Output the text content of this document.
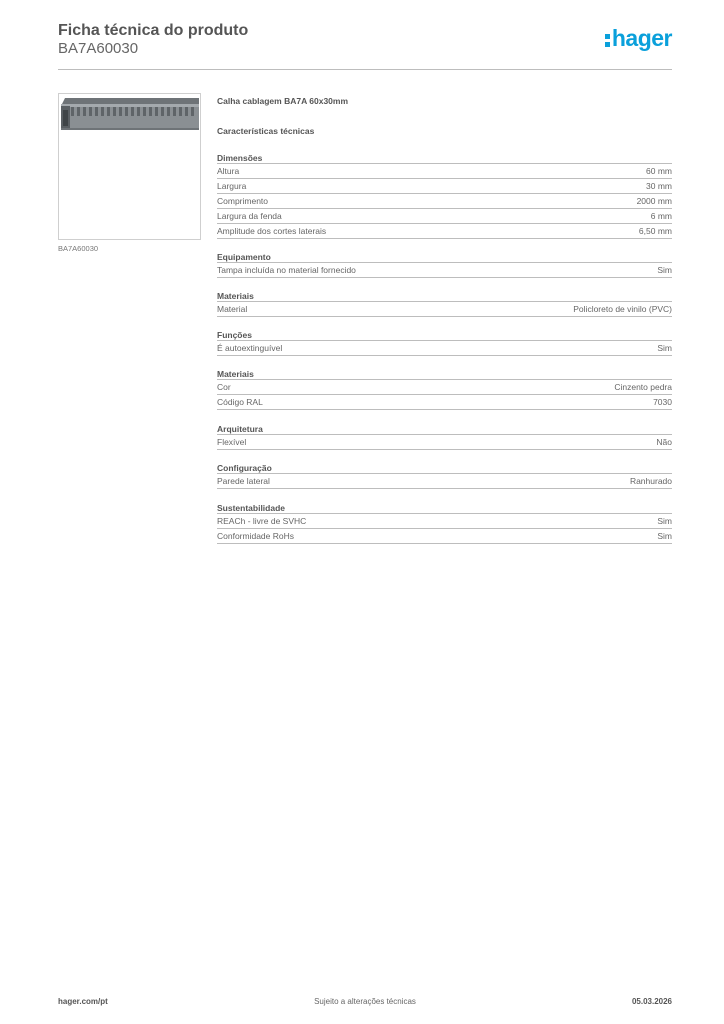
Ficha técnica do produto
BA7A60030	hager
BA7A60030
Calha cablagem BA7A 60x30mm
Características técnicas
Dimensões
Altura	60 mm
Largura	30 mm
Comprimento	2000 mm
Largura da fenda	6 mm
Amplitude dos cortes laterais	6,50 mm
Equipamento
Tampa incluída no material fornecido	Sim
Materiais
Material	Policloreto de vinilo (PVC)
Funções
É autoextinguível	Sim
Materiais
Cor	Cinzento pedra
Código RAL	7030
Arquitetura
Flexível	Não
Configuração
Parede lateral	Ranhurado
Sustentabilidade
REACh - livre de SVHC	Sim
Conformidade RoHs	Sim
hager.com/pt	Sujeito a alterações técnicas	05.03.2026
